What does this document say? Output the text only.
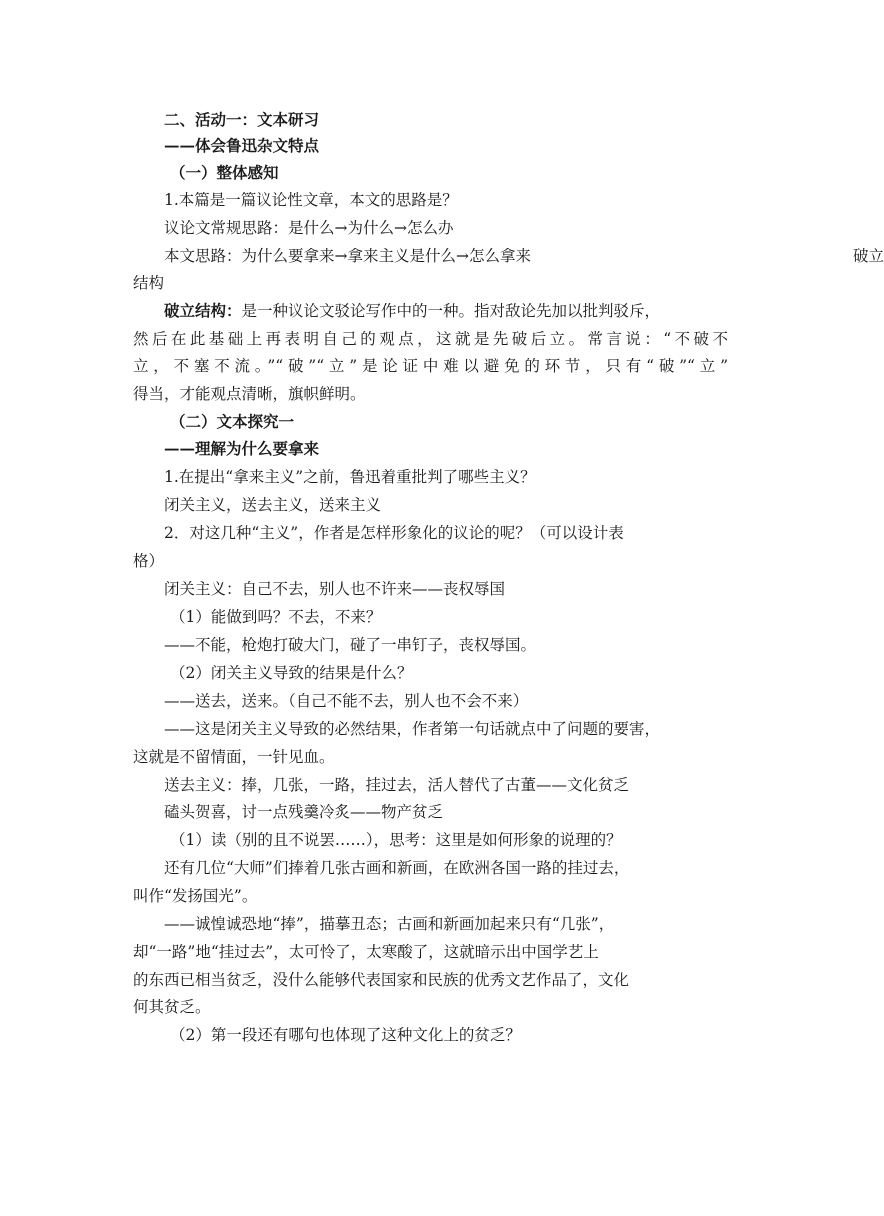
二、活动一：文本研习
——体会鲁迅杂文特点
（一）整体感知
1.本篇是一篇议论性文章，本文的思路是？
议论文常规思路：是什么→为什么→怎么办
本文思路：为什么要拿来→拿来主义是什么→怎么拿来	破立
结构
破立结构：是一种议论文驳论写作中的一种。指对敌论先加以批判驳斥，
然后在此基础上再表明自己的观点，这就是先破后立。常言说：“不破不
立，不塞不流。”“破”“立”是论证中难以避免的环节，只有“破”“立”
得当，才能观点清晰，旗帜鲜明。
（二）文本探究一
——理解为什么要拿来
1.在提出“拿来主义”之前，鲁迅着重批判了哪些主义？
闭关主义，送去主义，送来主义
2．对这几种“主义”，作者是怎样形象化的议论的呢？（可以设计表
格）
闭关主义：自己不去，别人也不许来——丧权辱国
（1）能做到吗？不去，不来？
——不能，枪炮打破大门，碰了一串钉子，丧权辱国。
（2）闭关主义导致的结果是什么？
——送去，送来。（自己不能不去，别人也不会不来）
——这是闭关主义导致的必然结果，作者第一句话就点中了问题的要害，
这就是不留情面，一针见血。
送去主义：捧，几张，一路，挂过去，活人替代了古董——文化贫乏
磕头贺喜，讨一点残羹冷炙——物产贫乏
（1）读（别的且不说罢……），思考：这里是如何形象的说理的？
还有几位“大师”们捧着几张古画和新画，在欧洲各国一路的挂过去，
叫作“发扬国光”。
——诚惶诚恐地“捧”，描摹丑态；古画和新画加起来只有“几张”，
却“一路”地“挂过去”，太可怜了，太寒酸了，这就暗示出中国学艺上
的东西已相当贫乏，没什么能够代表国家和民族的优秀文艺作品了，文化
何其贫乏。
（2）第一段还有哪句也体现了这种文化上的贫乏？
